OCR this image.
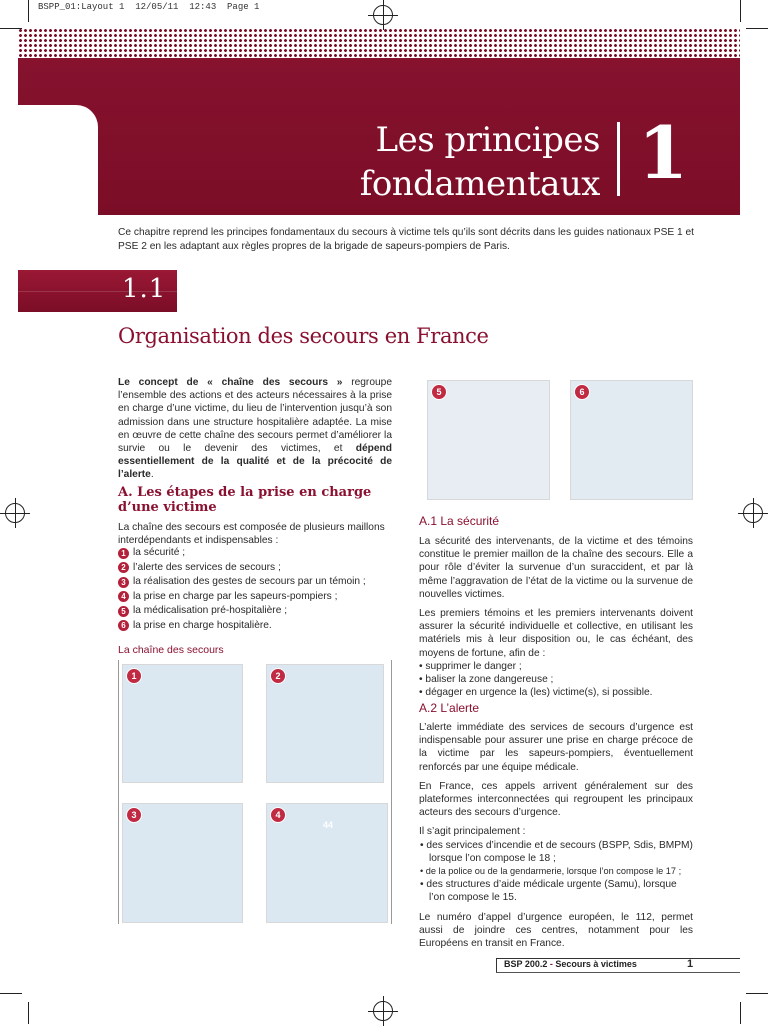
BSPP_01:Layout 1  12/05/11  12:43  Page 1
Les principes
fondamentaux 1
Ce chapitre reprend les principes fondamentaux du secours à victime tels qu’ils sont décrits dans les guides nationaux PSE 1 et PSE 2 en les adaptant aux règles propres de la brigade de sapeurs-pompiers de Paris.
1.1
Organisation des secours en France
Le concept de « chaîne des secours » regroupe l’ensemble des actions et des acteurs nécessaires à la prise en charge d’une victime, du lieu de l’intervention jusqu’à son admission dans une structure hospitalière adaptée. La mise en œuvre de cette chaîne des secours permet d’améliorer la survie ou le devenir des victimes, et dépend essentiellement de la qualité et de la précocité de l’alerte.
A. Les étapes de la prise en charge d’une victime
La chaîne des secours est composée de plusieurs maillons interdépendants et indispensables :
1 la sécurité ;
2 l’alerte des services de secours ;
3 la réalisation des gestes de secours par un témoin ;
4 la prise en charge par les sapeurs-pompiers ;
5 la médicalisation pré-hospitalière ;
6 la prise en charge hospitalière.
La chaîne des secours
1	2
3
44
4
5	6
A.1 La sécurité
La sécurité des intervenants, de la victime et des témoins constitue le premier maillon de la chaîne des secours. Elle a pour rôle d’éviter la survenue d’un suraccident, et par là même l’aggravation de l’état de la victime ou la survenue de nouvelles victimes.
Les premiers témoins et les premiers intervenants doivent assurer la sécurité individuelle et collective, en utilisant les matériels mis à leur disposition ou, le cas échéant, des moyens de fortune, afin de :
• supprimer le danger ;
• baliser la zone dangereuse ;
• dégager en urgence la (les) victime(s), si possible.
A.2 L’alerte
L’alerte immédiate des services de secours d’urgence est indispensable pour assurer une prise en charge précoce de la victime par les sapeurs-pompiers, éventuellement renforcés par une équipe médicale.
En France, ces appels arrivent généralement sur des plateformes interconnectées qui regroupent les principaux acteurs des secours d’urgence.
Il s’agit principalement :
• des services d’incendie et de secours (BSPP, Sdis, BMPM) lorsque l’on compose le 18 ;
• de la police ou de la gendarmerie, lorsque l’on compose le 17 ;
• des structures d’aide médicale urgente (Samu), lorsque l’on compose le 15.
Le numéro d’appel d’urgence européen, le 112, permet aussi de joindre ces centres, notamment pour les Européens en transit en France.
BSP 200.2 - Secours à victimes	1
